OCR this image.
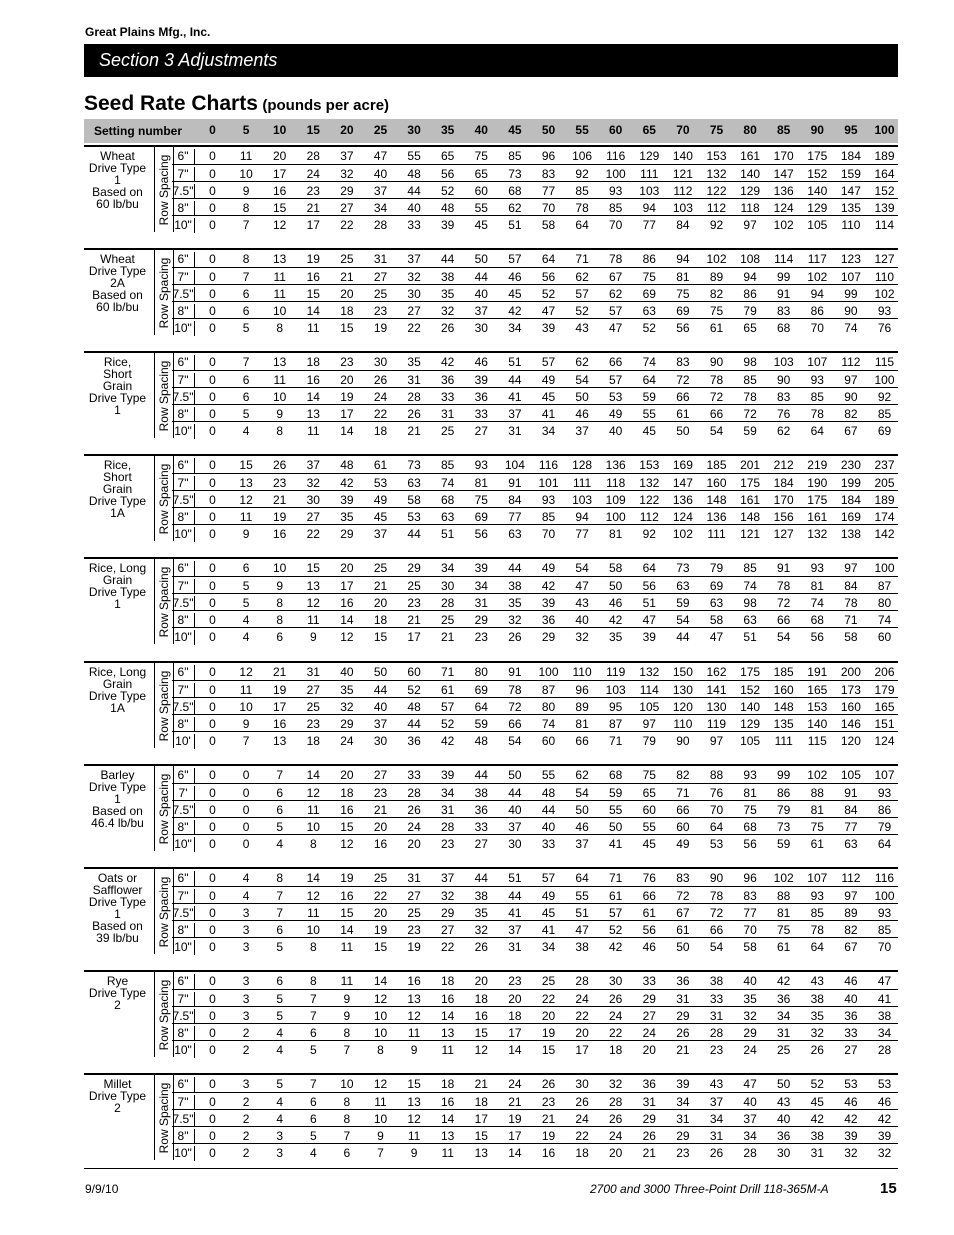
Great Plains Mfg., Inc.
Section 3 Adjustments
Seed Rate Charts (pounds per acre)
Setting number	0	5	10	15	20	25	30	35	40	45	50	55	60	65	70	75	80	85	90	95	100
Wheat
Drive Type
1
Based on
60 lb/bu	Row Spacing 6"	0	11	20	28	37	47	55	65	75	85	96	106	116	129	140	153	161	170	175	184	189
7"	0	10	17	24	32	40	48	56	65	73	83	92	100	111	121	132	140	147	152	159	164
7.5"	0	9	16	23	29	37	44	52	60	68	77	85	93	103	112	122	129	136	140	147	152
8"	0	8	15	21	27	34	40	48	55	62	70	78	85	94	103	112	118	124	129	135	139
10"	0	7	12	17	22	28	33	39	45	51	58	64	70	77	84	92	97	102	105	110	114
Wheat
Drive Type
2A
Based on
60 lb/bu	Row Spacing 6"	0	8	13	19	25	31	37	44	50	57	64	71	78	86	94	102	108	114	117	123	127
7"	0	7	11	16	21	27	32	38	44	46	56	62	67	75	81	89	94	99	102	107	110
7.5"	0	6	11	15	20	25	30	35	40	45	52	57	62	69	75	82	86	91	94	99	102
8"	0	6	10	14	18	23	27	32	37	42	47	52	57	63	69	75	79	83	86	90	93
10"	0	5	8	11	15	19	22	26	30	34	39	43	47	52	56	61	65	68	70	74	76
Rice,
Short
Grain
Drive Type
1	Row Spacing 6"	0	7	13	18	23	30	35	42	46	51	57	62	66	74	83	90	98	103	107	112	115
7"	0	6	11	16	20	26	31	36	39	44	49	54	57	64	72	78	85	90	93	97	100
7.5"	0	6	10	14	19	24	28	33	36	41	45	50	53	59	66	72	78	83	85	90	92
8"	0	5	9	13	17	22	26	31	33	37	41	46	49	55	61	66	72	76	78	82	85
10"	0	4	8	11	14	18	21	25	27	31	34	37	40	45	50	54	59	62	64	67	69
Rice,
Short
Grain
Drive Type
1A	Row Spacing 6"	0	15	26	37	48	61	73	85	93	104	116	128	136	153	169	185	201	212	219	230	237
7"	0	13	23	32	42	53	63	74	81	91	101	111	118	132	147	160	175	184	190	199	205
7.5"	0	12	21	30	39	49	58	68	75	84	93	103	109	122	136	148	161	170	175	184	189
8"	0	11	19	27	35	45	53	63	69	77	85	94	100	112	124	136	148	156	161	169	174
10"	0	9	16	22	29	37	44	51	56	63	70	77	81	92	102	111	121	127	132	138	142
Rice, Long
Grain
Drive Type
1	Row Spacing 6"	0	6	10	15	20	25	29	34	39	44	49	54	58	64	73	79	85	91	93	97	100
7"	0	5	9	13	17	21	25	30	34	38	42	47	50	56	63	69	74	78	81	84	87
7.5"	0	5	8	12	16	20	23	28	31	35	39	43	46	51	59	63	98	72	74	78	80
8"	0	4	8	11	14	18	21	25	29	32	36	40	42	47	54	58	63	66	68	71	74
10"	0	4	6	9	12	15	17	21	23	26	29	32	35	39	44	47	51	54	56	58	60
Rice, Long
Grain
Drive Type
1A	Row Spacing 6"	0	12	21	31	40	50	60	71	80	91	100	110	119	132	150	162	175	185	191	200	206
7"	0	11	19	27	35	44	52	61	69	78	87	96	103	114	130	141	152	160	165	173	179
7.5"	0	10	17	25	32	40	48	57	64	72	80	89	95	105	120	130	140	148	153	160	165
8"	0	9	16	23	29	37	44	52	59	66	74	81	87	97	110	119	129	135	140	146	151
10'	0	7	13	18	24	30	36	42	48	54	60	66	71	79	90	97	105	111	115	120	124
Barley
Drive Type
1
Based on
46.4 lb/bu	Row Spacing 6"	0	0	7	14	20	27	33	39	44	50	55	62	68	75	82	88	93	99	102	105	107
7'	0	0	6	12	18	23	28	34	38	44	48	54	59	65	71	76	81	86	88	91	93
7.5"	0	0	6	11	16	21	26	31	36	40	44	50	55	60	66	70	75	79	81	84	86
8"	0	0	5	10	15	20	24	28	33	37	40	46	50	55	60	64	68	73	75	77	79
10"	0	0	4	8	12	16	20	23	27	30	33	37	41	45	49	53	56	59	61	63	64
Oats or
Safflower
Drive Type
1
Based on
39 lb/bu	Row Spacing 6"	0	4	8	14	19	25	31	37	44	51	57	64	71	76	83	90	96	102	107	112	116
7"	0	4	7	12	16	22	27	32	38	44	49	55	61	66	72	78	83	88	93	97	100
7.5"	0	3	7	11	15	20	25	29	35	41	45	51	57	61	67	72	77	81	85	89	93
8"	0	3	6	10	14	19	23	27	32	37	41	47	52	56	61	66	70	75	78	82	85
10"	0	3	5	8	11	15	19	22	26	31	34	38	42	46	50	54	58	61	64	67	70
Rye
Drive Type
2	Row Spacing 6"	0	3	6	8	11	14	16	18	20	23	25	28	30	33	36	38	40	42	43	46	47
7"	0	3	5	7	9	12	13	16	18	20	22	24	26	29	31	33	35	36	38	40	41
7.5"	0	3	5	7	9	10	12	14	16	18	20	22	24	27	29	31	32	34	35	36	38
8"	0	2	4	6	8	10	11	13	15	17	19	20	22	24	26	28	29	31	32	33	34
10"	0	2	4	5	7	8	9	11	12	14	15	17	18	20	21	23	24	25	26	27	28
Millet
Drive Type
2	Row Spacing 6"	0	3	5	7	10	12	15	18	21	24	26	30	32	36	39	43	47	50	52	53	53
7"	0	2	4	6	8	11	13	16	18	21	23	26	28	31	34	37	40	43	45	46	46
7.5"	0	2	4	6	8	10	12	14	17	19	21	24	26	29	31	34	37	40	42	42	42
8"	0	2	3	5	7	9	11	13	15	17	19	22	24	26	29	31	34	36	38	39	39
10"	0	2	3	4	6	7	9	11	13	14	16	18	20	21	23	26	28	30	31	32	32
9/9/10	2700 and 3000 Three-Point Drill 118-365M-A	15
